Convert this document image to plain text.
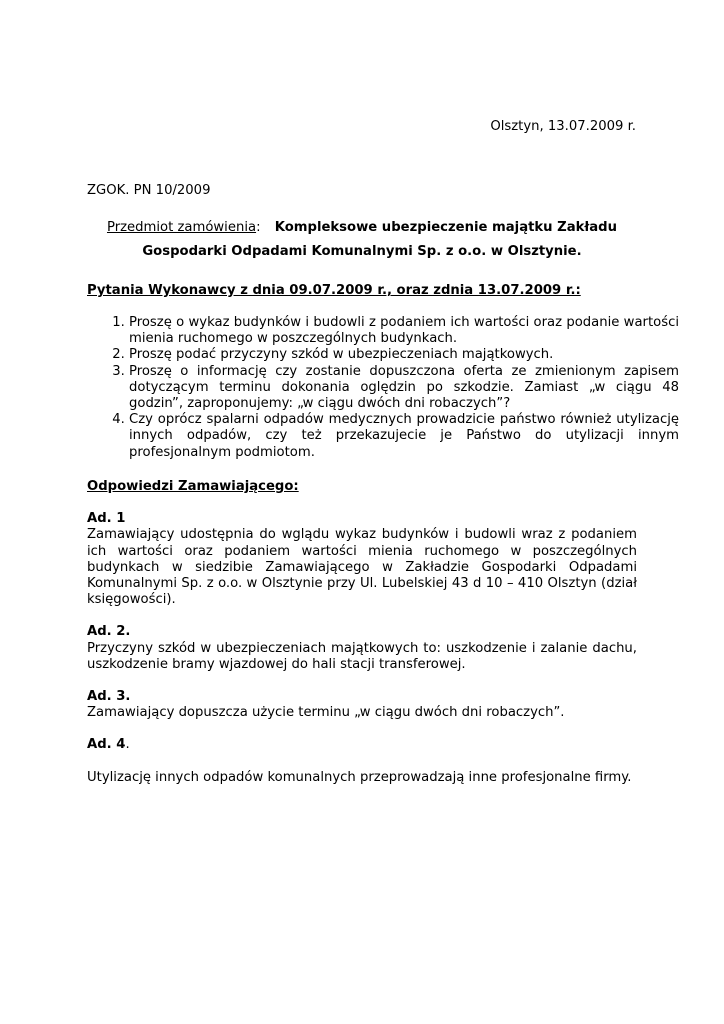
Olsztyn, 13.07.2009 r.
ZGOK. PN 10/2009
Przedmiot zamówienia: Kompleksowe ubezpieczenie majątku Zakładu
Gospodarki Odpadami Komunalnymi Sp. z o.o. w Olsztynie.
Pytania Wykonawcy z dnia 09.07.2009 r., oraz zdnia 13.07.2009 r.:
1. Proszę o wykaz budynków i budowli z podaniem ich wartości oraz podanie wartości mienia ruchomego w poszczególnych budynkach.
2. Proszę podać przyczyny szkód w ubezpieczeniach majątkowych.
3. Proszę o informację czy zostanie dopuszczona oferta ze zmienionym zapisem dotyczącym terminu dokonania oględzin po szkodzie. Zamiast „w ciągu 48 godzin”, zaproponujemy: „w ciągu dwóch dni robaczych”?
4. Czy oprócz spalarni odpadów medycznych prowadzicie państwo również utylizację innych odpadów, czy też przekazujecie je Państwo do utylizacji innym profesjonalnym podmiotom.

Odpowiedzi Zamawiającego:

Ad. 1

Zamawiający udostępnia do wglądu wykaz budynków i budowli wraz z podaniem ich wartości oraz podaniem wartości mienia ruchomego w poszczególnych budynkach w siedzibie Zamawiającego w Zakładzie Gospodarki Odpadami Komunalnymi Sp. z o.o. w Olsztynie przy Ul. Lubelskiej 43 d 10 – 410 Olsztyn (dział księgowości).

Ad. 2.

Przyczyny szkód w ubezpieczeniach majątkowych to: uszkodzenie i zalanie dachu, uszkodzenie bramy wjazdowej do hali stacji transferowej.

Ad. 3.

Zamawiający dopuszcza użycie terminu „w ciągu dwóch dni robaczych”.

Ad. 4.

Utylizację innych odpadów komunalnych przeprowadzają inne profesjonalne firmy.
